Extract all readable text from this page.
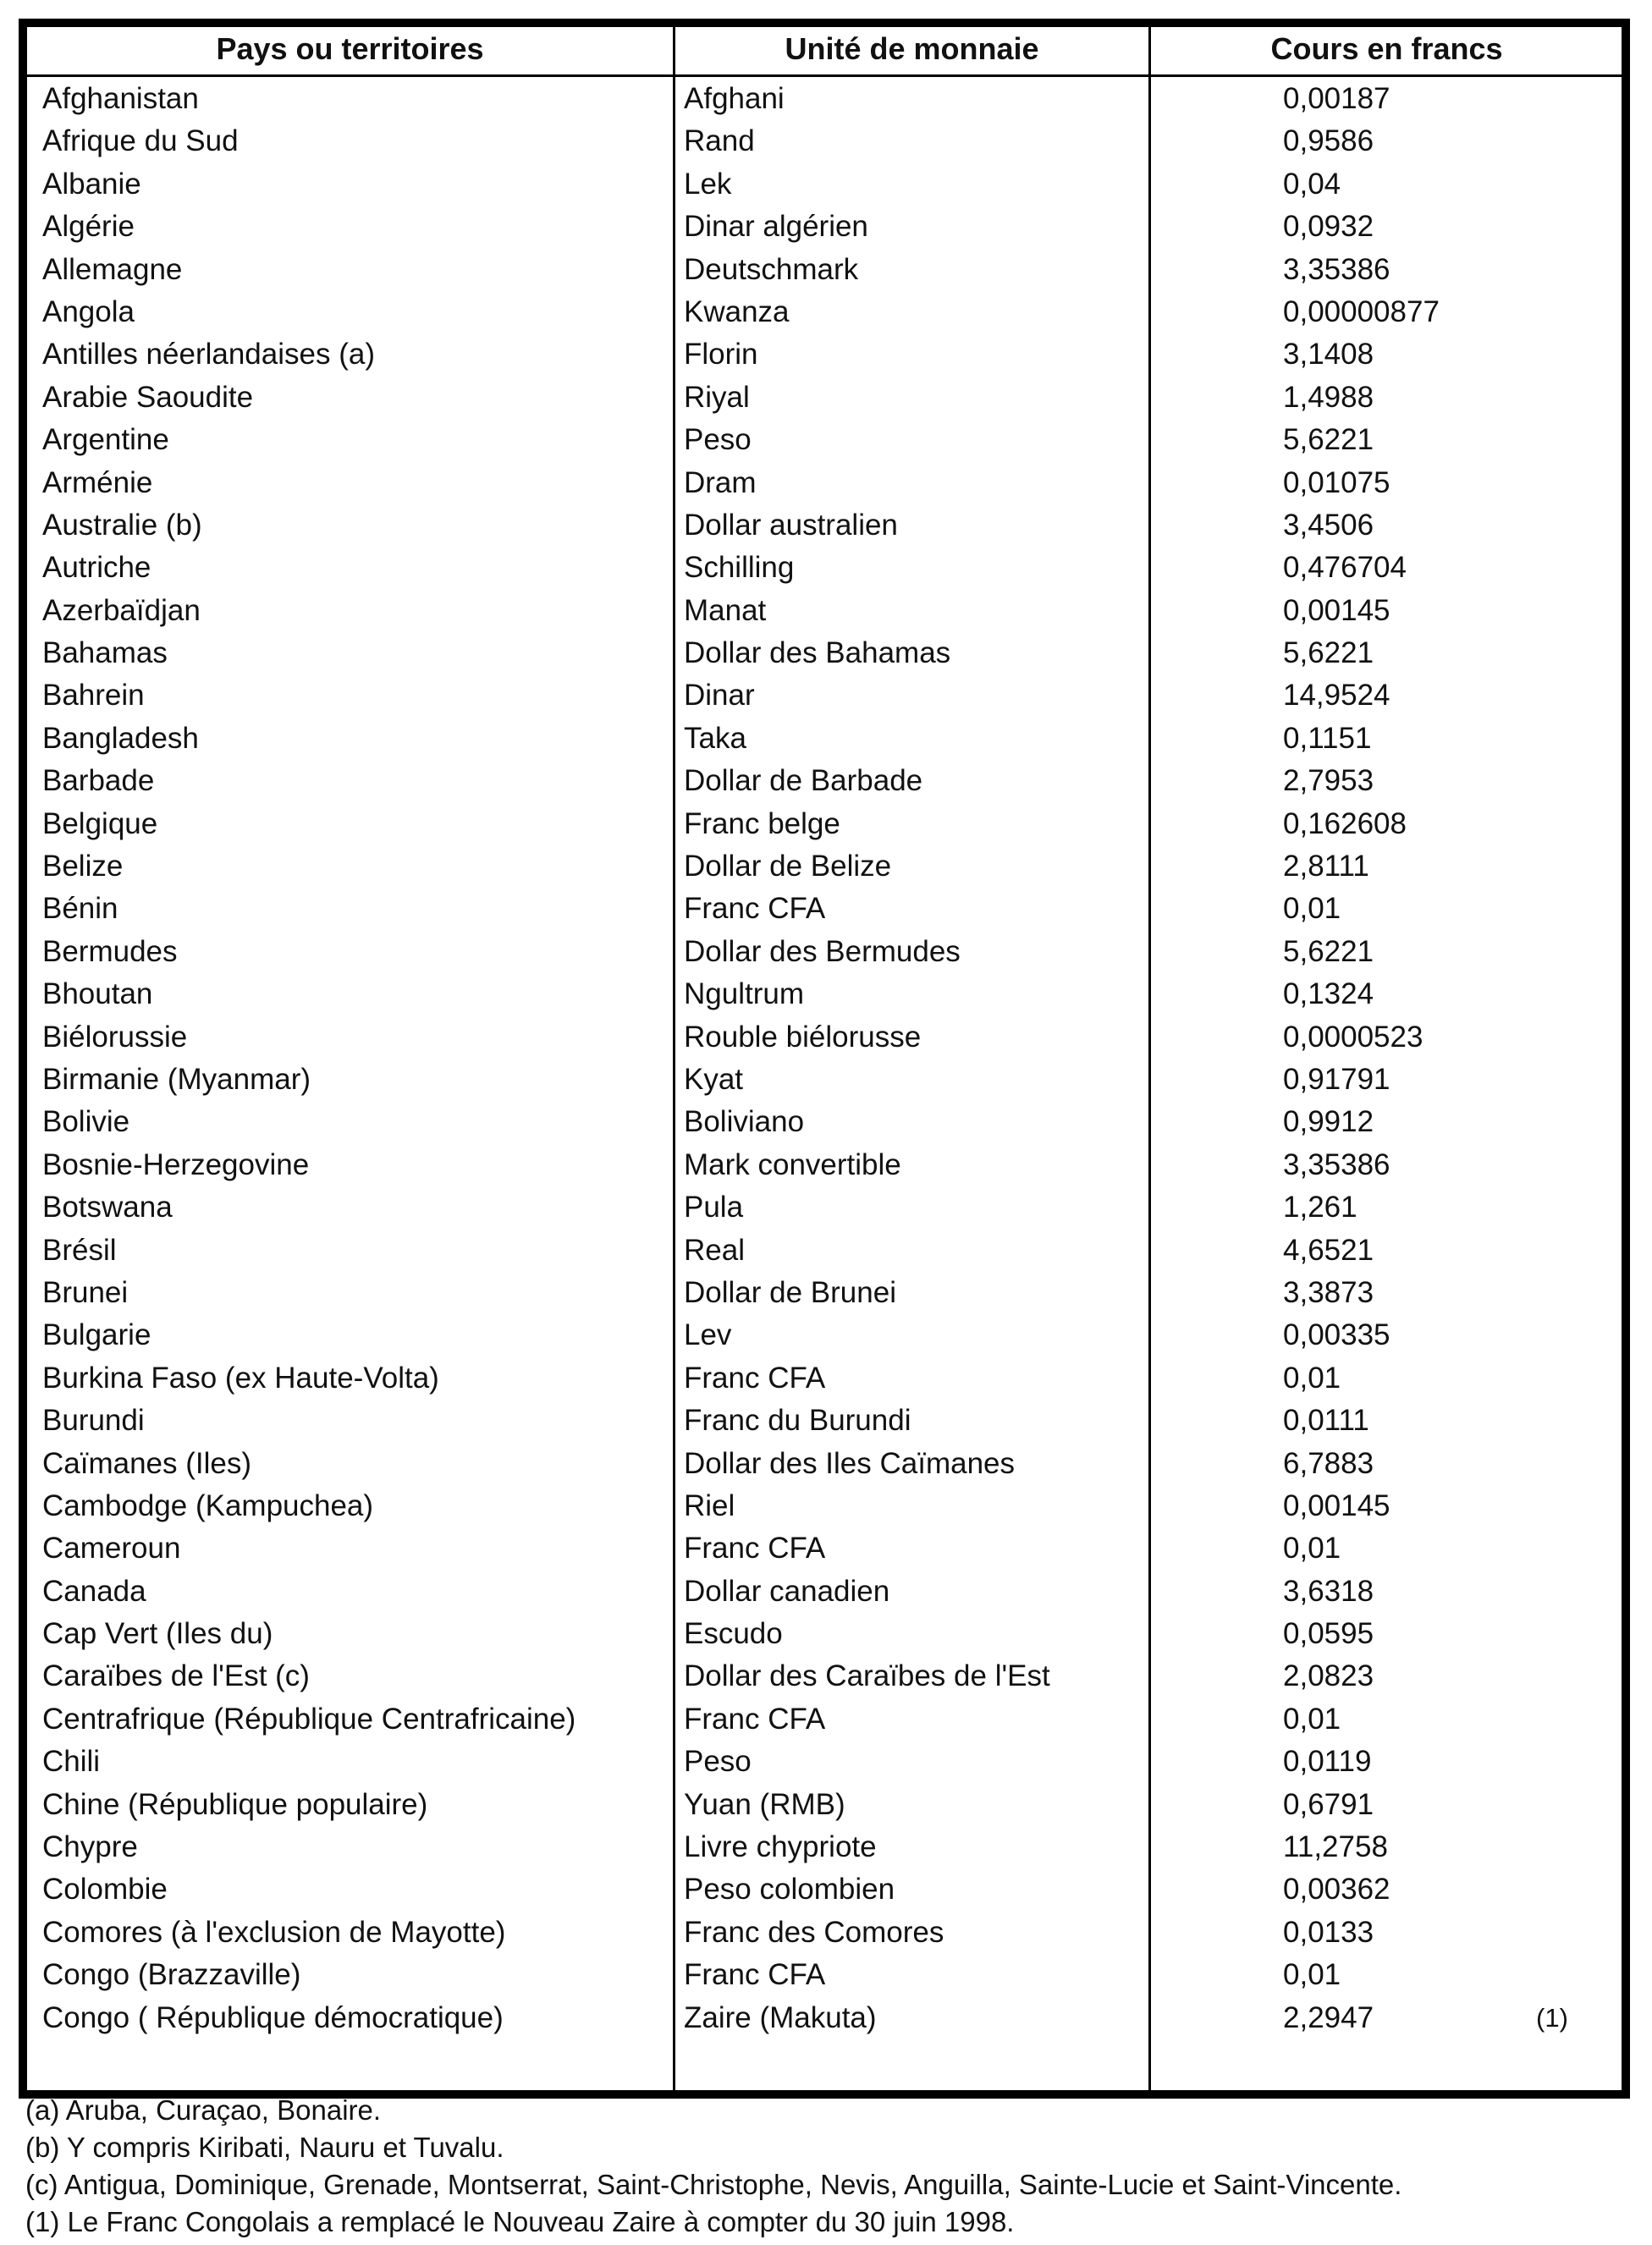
Pays ou territoires	Unité de monnaie	Cours en francs
Afghanistan	Afghani	0,00187
Afrique du Sud	Rand	0,9586
Albanie	Lek	0,04
Algérie	Dinar algérien	0,0932
Allemagne	Deutschmark	3,35386
Angola	Kwanza	0,00000877
Antilles néerlandaises (a)	Florin	3,1408
Arabie Saoudite	Riyal	1,4988
Argentine	Peso	5,6221
Arménie	Dram	0,01075
Australie (b)	Dollar australien	3,4506
Autriche	Schilling	0,476704
Azerbaïdjan	Manat	0,00145
Bahamas	Dollar des Bahamas	5,6221
Bahrein	Dinar	14,9524
Bangladesh	Taka	0,1151
Barbade	Dollar de Barbade	2,7953
Belgique	Franc belge	0,162608
Belize	Dollar de Belize	2,8111
Bénin	Franc CFA	0,01
Bermudes	Dollar des Bermudes	5,6221
Bhoutan	Ngultrum	0,1324
Biélorussie	Rouble biélorusse	0,0000523
Birmanie (Myanmar)	Kyat	0,91791
Bolivie	Boliviano	0,9912
Bosnie-Herzegovine	Mark convertible	3,35386
Botswana	Pula	1,261
Brésil	Real	4,6521
Brunei	Dollar de Brunei	3,3873
Bulgarie	Lev	0,00335
Burkina Faso (ex Haute-Volta)	Franc CFA	0,01
Burundi	Franc du Burundi	0,0111
Caïmanes (Iles)	Dollar des Iles Caïmanes	6,7883
Cambodge (Kampuchea)	Riel	0,00145
Cameroun	Franc CFA	0,01
Canada	Dollar canadien	3,6318
Cap Vert (Iles du)	Escudo	0,0595
Caraïbes de l'Est (c)	Dollar des Caraïbes de l'Est	2,0823
Centrafrique (République Centrafricaine)	Franc CFA	0,01
Chili	Peso	0,0119
Chine (République populaire)	Yuan (RMB)	0,6791
Chypre	Livre chypriote	11,2758
Colombie	Peso colombien	0,00362
Comores (à l'exclusion de Mayotte)	Franc des Comores	0,0133
Congo (Brazzaville)	Franc CFA	0,01
Congo ( République démocratique)	Zaire (Makuta)	2,2947	(1)
(a) Aruba, Curaçao, Bonaire.
(b) Y compris Kiribati, Nauru et Tuvalu.
(c) Antigua, Dominique, Grenade, Montserrat, Saint-Christophe, Nevis, Anguilla, Sainte-Lucie et Saint-Vincente.
(1) Le Franc Congolais a remplacé le Nouveau Zaire à compter du 30 juin 1998.
